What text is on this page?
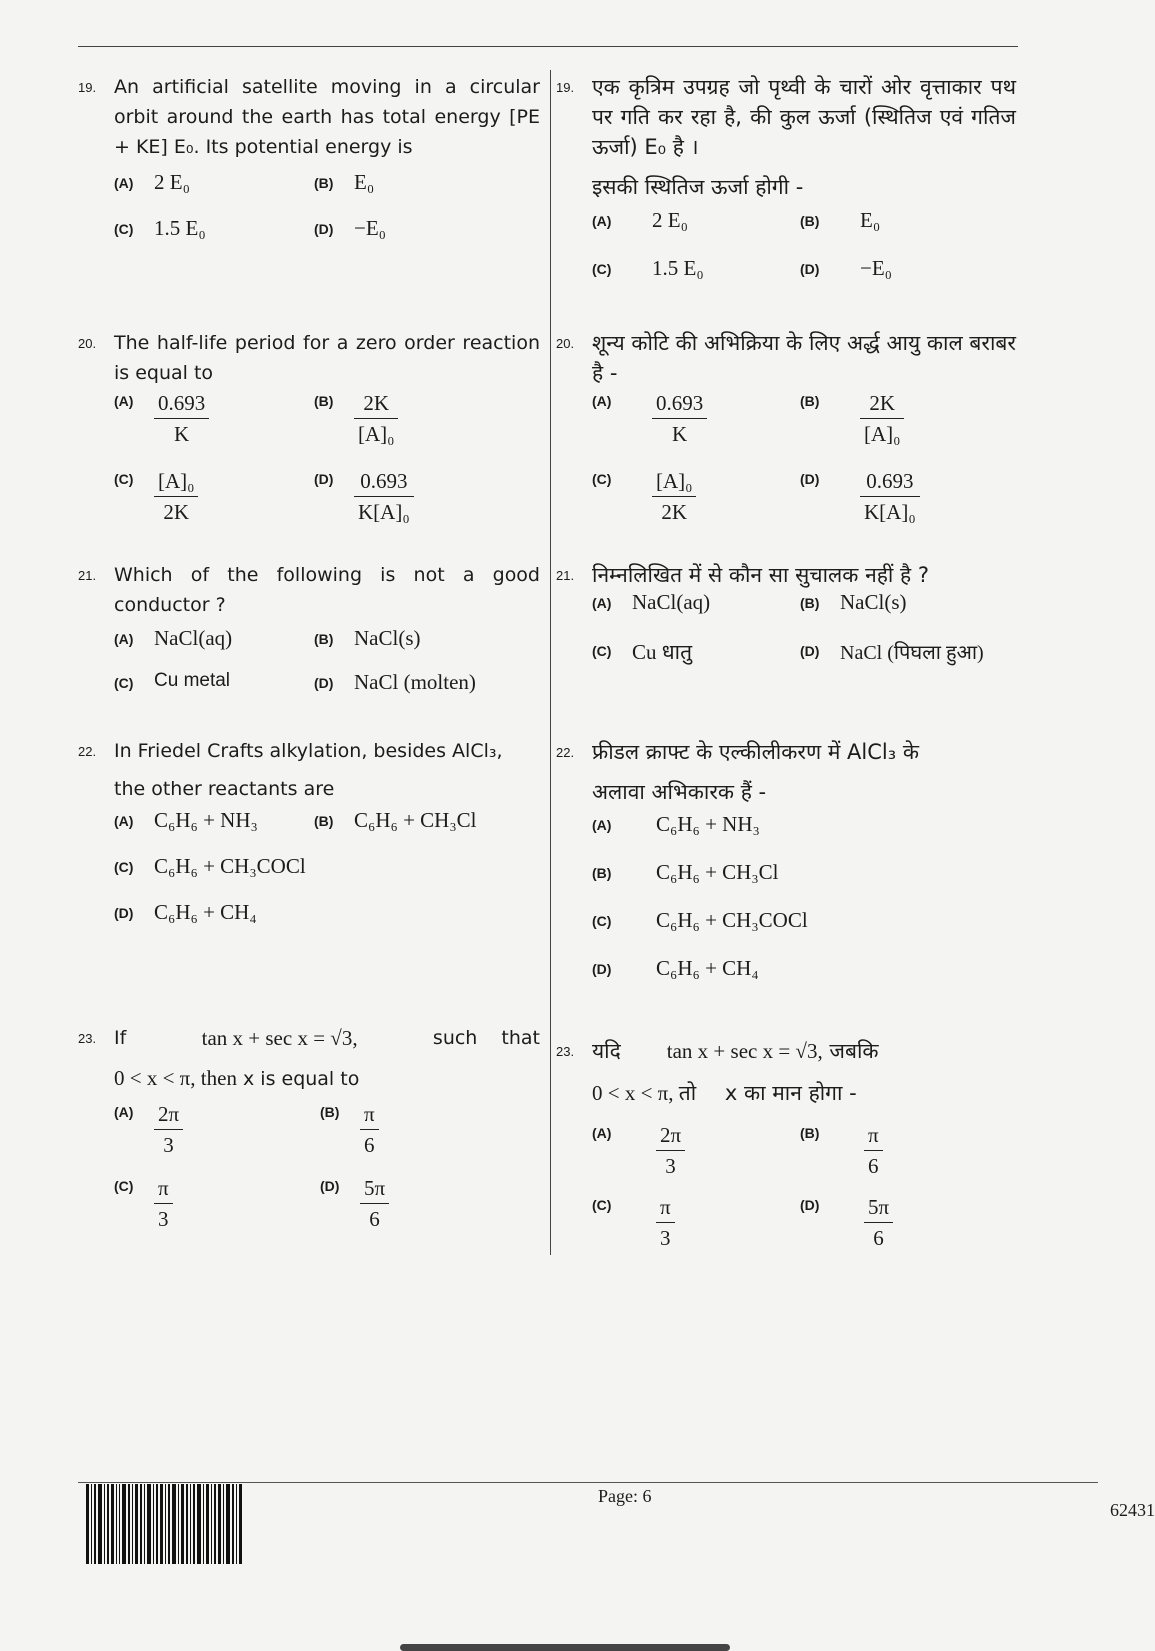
19. An artificial satellite moving in a circular orbit around the earth has total energy [PE + KE] E₀. Its potential energy is
(A) 2 E₀	(B) E₀
(C) 1.5 E₀	(D) −E₀
20. The half-life period for a zero order reaction is equal to
$(A) \frac{0.693}{K}$	$(B) \frac{2K}{\text{[A]₀}}$
$(C) \frac{\text{[A]₀}}{2K}$	$(D) \frac{0.693}{\text{K[A]₀}}$
21. Which of the following is not a good conductor ?
(A) NaCl(aq)	(B) NaCl(s)
(C) Cu metal	(D) NaCl (molten)
22. In Friedel Crafts alkylation, besides AlCl₃,
the other reactants are
(A) C₆H₆ + NH₃	(B) C₆H₆ + CH₃Cl
(C) C₆H₆ + CH₃COCl
(D) C₆H₆ + CH₄
23. If	tan x + sec x = √3,	such that
0 < x < π, then x is equal to
$(A) \frac{2\pi}{3}$	$(B) \frac{\pi}{6}$
$(C) \frac{\pi}{3}$	$(D) \frac{5\pi}{6}$
19. एक कृत्रिम उपग्रह जो पृथ्वी के चारों ओर वृत्ताकार पथ पर गति कर रहा है, की कुल ऊर्जा (स्थितिज एवं गतिज ऊर्जा) E₀ है ।
इसकी स्थितिज ऊर्जा होगी -
(A) 2 E₀	(B) E₀
(C) 1.5 E₀	(D) −E₀
20. शून्य कोटि की अभिक्रिया के लिए अर्द्ध आयु काल बराबर है -
$(A) \frac{0.693}{K}$	$(B) \frac{2K}{\text{[A]₀}}$
$(C) \frac{\text{[A]₀}}{2K}$	$(D) \frac{0.693}{\text{K[A]₀}}$
21. निम्नलिखित में से कौन सा सुचालक नहीं है ?
(A) NaCl(aq)	(B) NaCl(s)
(C) Cu धातु	(D) NaCl (पिघला हुआ)
22. फ्रीडल क्राफ्ट के एल्कीलीकरण में AlCl₃ के
अलावा अभिकारक हैं -
(A) C₆H₆ + NH₃
(B) C₆H₆ + CH₃Cl
(C) C₆H₆ + CH₃COCl
(D) C₆H₆ + CH₄
23. यदि tan x + sec x = √3, जबकि
0 < x < π, तो x का मान होगा -
$(A) \frac{2\pi}{3}$	$(B) \frac{\pi}{6}$
$(C) \frac{\pi}{3}$	$(D) \frac{5\pi}{6}$
Page: 6
62431
